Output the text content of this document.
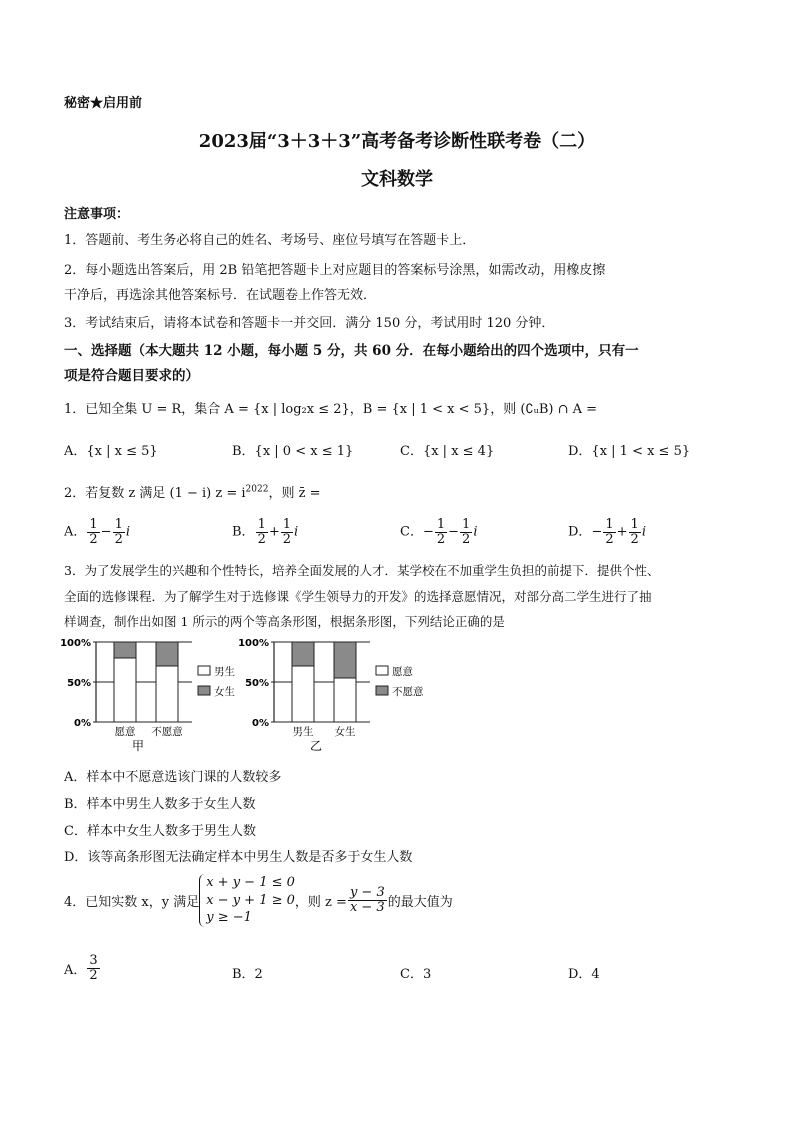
秘密★启用前
2023届“3＋3＋3”高考备考诊断性联考卷（二）
文科数学
注意事项：
1．答题前、考生务必将自己的姓名、考场号、座位号填写在答题卡上．
2．每小题选出答案后，用 2B 铅笔把答题卡上对应题目的答案标号涂黑，如需改动，用橡皮擦
干净后，再选涂其他答案标号．在试题卷上作答无效．
3．考试结束后，请将本试卷和答题卡一并交回．满分 150 分，考试用时 120 分钟．
一、选择题（本大题共 12 小题，每小题 5 分，共 60 分．在每小题给出的四个选项中，只有一
项是符合题目要求的）
1．已知全集 U = R，集合 A = {x | log₂x ≤ 2}，B = {x | 1 < x < 5}，则 (∁ᵤB) ∩ A =
A．{x | x ≤ 5}	B．{x | 0 < x ≤ 1}	C．{x | x ≤ 4}	D．{x | 1 < x ≤ 5}
2．若复数 z 满足 (1 − i) $z = i^{2022}$，则 z̄ =
A． $\frac{1}{2} - \frac{1}{2}$ i	B． $\frac{1}{2} + \frac{1}{2}$ i	C．− $\frac{1}{2} - \frac{1}{2}$ i	D．− $\frac{1}{2} + \frac{1}{2}$ i
3．为了发展学生的兴趣和个性特长，培养全面发展的人才．某学校在不加重学生负担的前提下．提供个性、
全面的选修课程．为了解学生对于选修课《学生领导力的开发》的选择意愿情况，对部分高二学生进行了抽
样调查，制作出如图 1 所示的两个等高条形图，根据条形图，下列结论正确的是
0%
50%
100%
愿意 不愿意
甲
男生
女生
0%
50%
100%
男生 女生
乙
愿意
不愿意
A．样本中不愿意选该门课的人数较多
B．样本中男生人数多于女生人数
C．样本中女生人数多于男生人数
D．该等高条形图无法确定样本中男生人数是否多于女生人数
4．已知实数 x，y 满足
x + y − 1 ≤ 0
x − y + 1 ≥ 0
y ≥ −1
，则 $z = \frac{y - 3}{x - 3}$ 的最大值为
A． $\frac{3}{2}$	B．2	C．3	D．4
